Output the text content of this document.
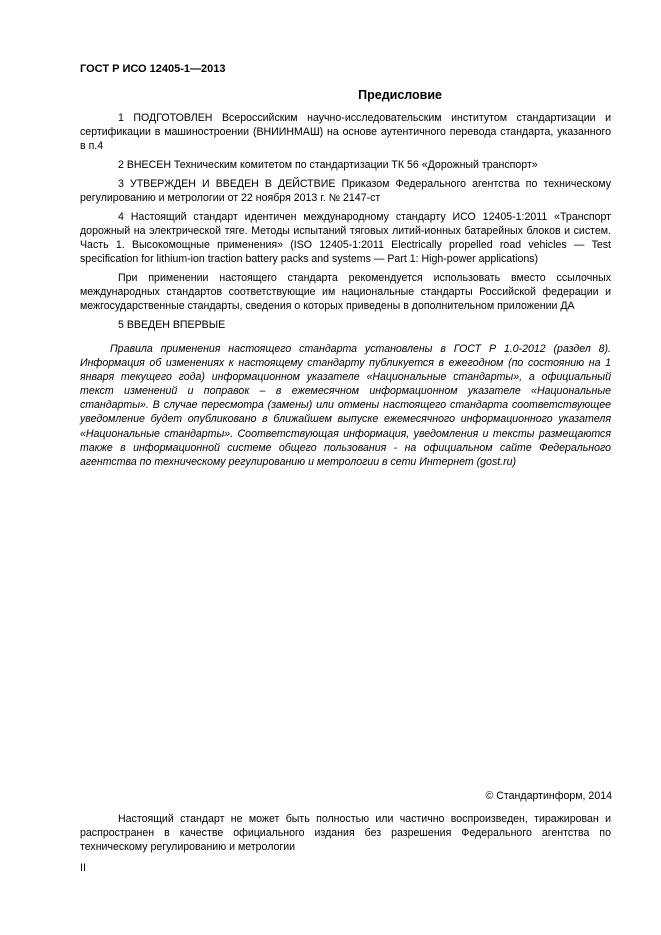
ГОСТ Р ИСО 12405-1—2013
Предисловие

1 ПОДГОТОВЛЕН Всероссийским научно-исследовательским институтом стандартизации и сертификации в машиностроении (ВНИИНМАШ) на основе аутентичного перевода стандарта, указанного в п.4

2 ВНЕСЕН Техническим комитетом по стандартизации ТК 56 «Дорожный транспорт»

3 УТВЕРЖДЕН И ВВЕДЕН В ДЕЙСТВИЕ Приказом Федерального агентства по техническому регулированию и метрологии от 22 ноября 2013 г. № 2147-ст

4 Настоящий стандарт идентичен международному стандарту ИСО 12405-1:2011 «Транспорт дорожный на электрической тяге. Методы испытаний тяговых литий-ионных батарейных блоков и систем. Часть 1. Высокомощные применения» (ISO 12405-1:2011 Electrically propelled road vehicles — Test specification for lithium-ion traction battery packs and systems — Part 1: High-power applications)

При применении настоящего стандарта рекомендуется использовать вместо ссылочных международных стандартов соответствующие им национальные стандарты Российской федерации и межгосударственные стандарты, сведения о которых приведены в дополнительном приложении ДА

5 ВВЕДЕН ВПЕРВЫЕ

Правила применения настоящего стандарта установлены в ГОСТ Р 1.0-2012 (раздел 8). Информация об изменениях к настоящему стандарту публикуется в ежегодном (по состоянию на 1 января текущего года) информационном указателе «Национальные стандарты», а официальный текст изменений и поправок – в ежемесячном информационном указателе «Национальные стандарты». В случае пересмотра (замены) или отмены настоящего стандарта соответствующее уведомление будет опубликовано в ближайшем выпуске ежемесячного информационного указателя «Национальные стандарты». Соответствующая информация, уведомления и тексты размещаются также в информационной системе общего пользования - на официальном сайте Федерального агентства по техническому регулированию и метрологии в сети Интернет (gost.ru)
© Стандартинформ, 2014
Настоящий стандарт не может быть полностью или частично воспроизведен, тиражирован и распространен в качестве официального издания без разрешения Федерального агентства по техническому регулированию и метрологии
II
